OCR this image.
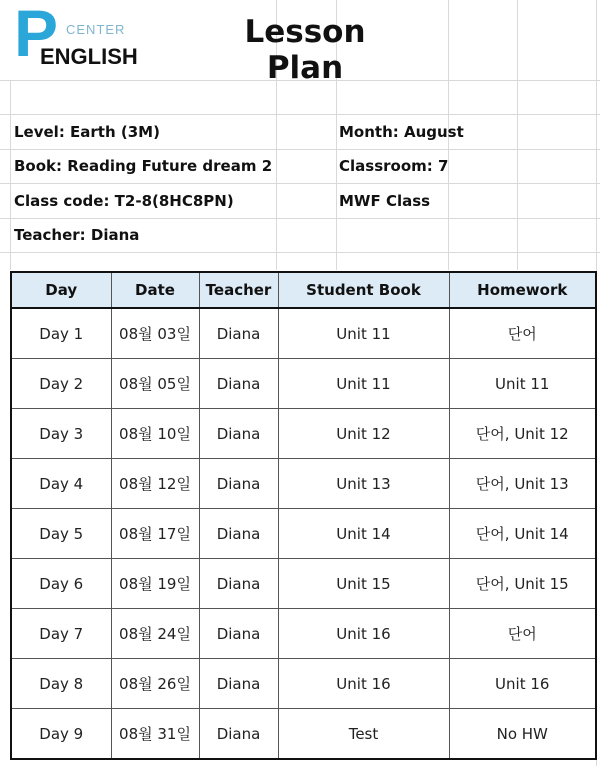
P CENTER
ENGLISH
Lesson Plan
Level: Earth (3M)	Month: August
Book: Reading Future dream 2	Classroom: 7
Class code: T2-8(8HC8PN)	MWF Class
Teacher: Diana
Day	Date	Teacher	Student Book	Homework
Day 1	08월 03일	Diana	Unit 11	단어
Day 2	08월 05일	Diana	Unit 11	Unit 11
Day 3	08월 10일	Diana	Unit 12	단어, Unit 12
Day 4	08월 12일	Diana	Unit 13	단어, Unit 13
Day 5	08월 17일	Diana	Unit 14	단어, Unit 14
Day 6	08월 19일	Diana	Unit 15	단어, Unit 15
Day 7	08월 24일	Diana	Unit 16	단어
Day 8	08월 26일	Diana	Unit 16	Unit 16
Day 9	08월 31일	Diana	Test	No HW
